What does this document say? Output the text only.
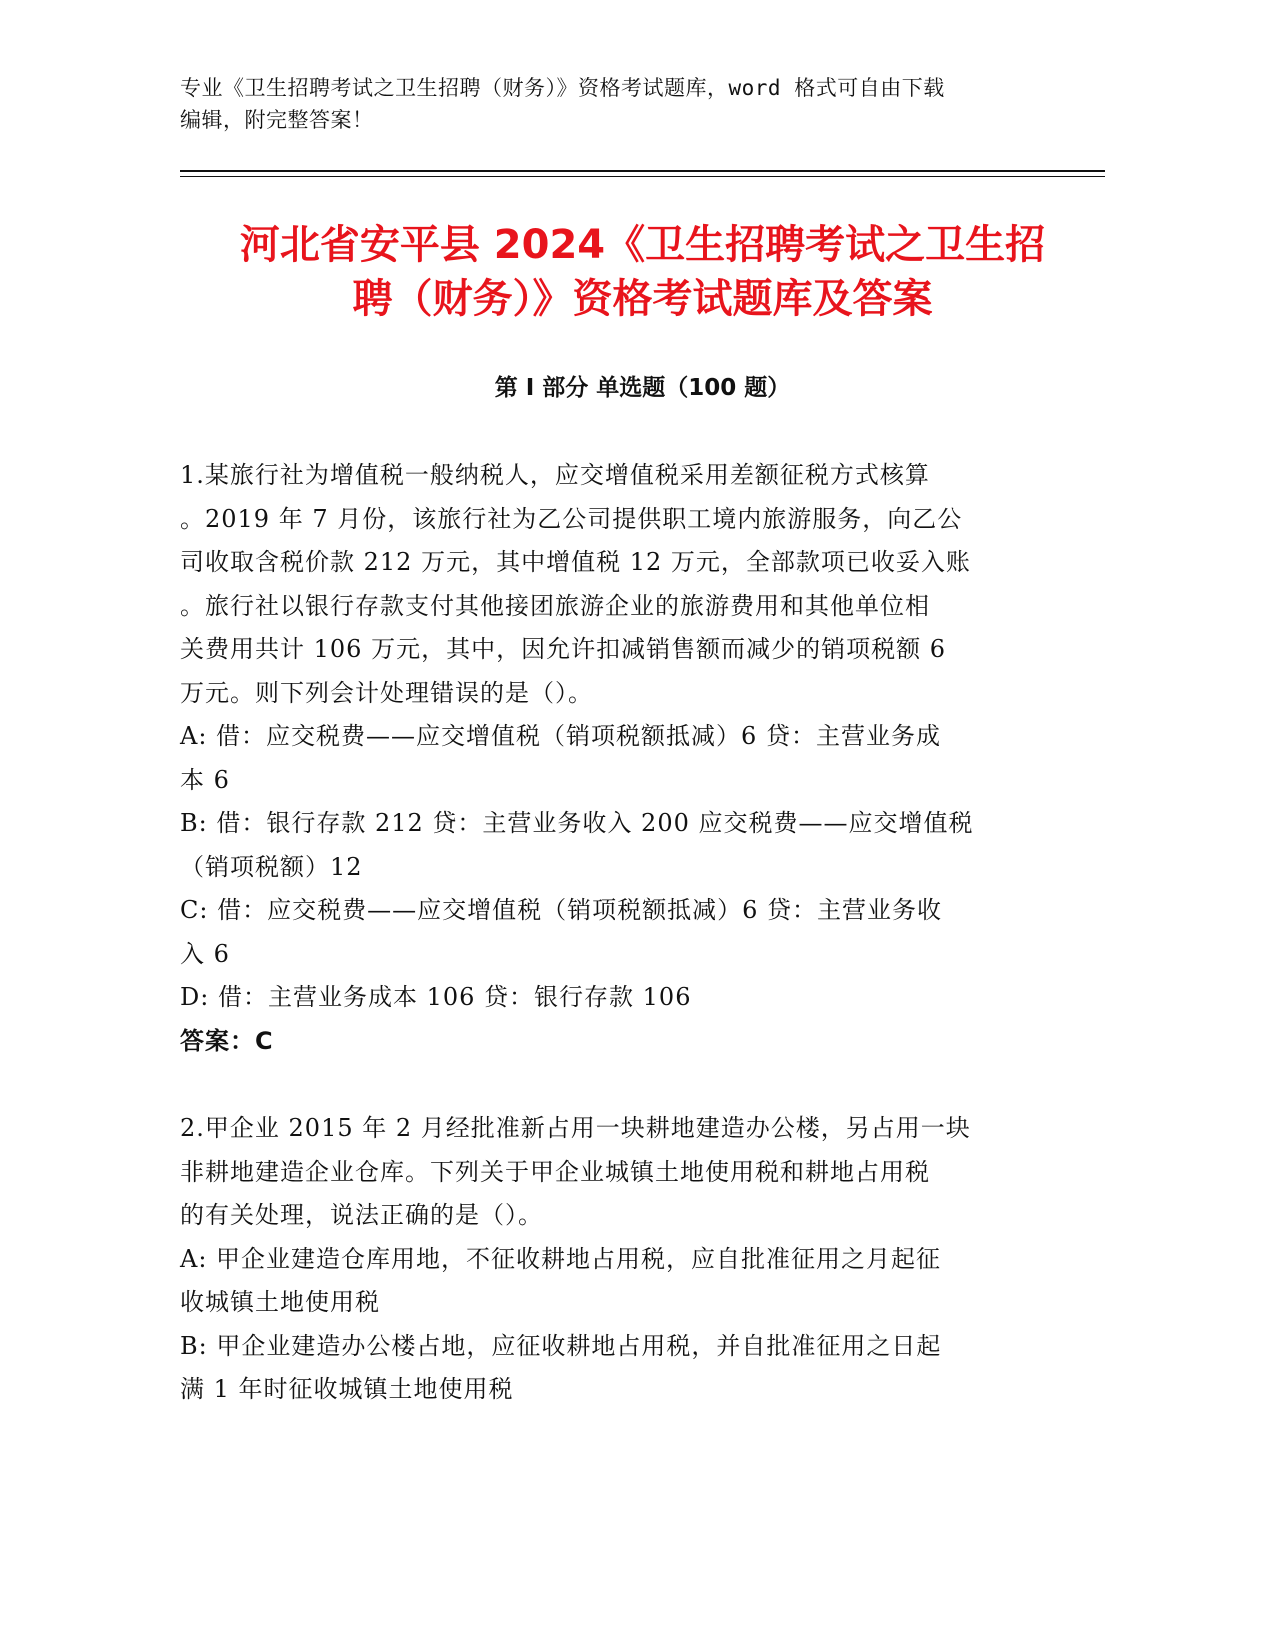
专业《卫生招聘考试之卫生招聘（财务）》资格考试题库，word 格式可自由下载
编辑，附完整答案！
河北省安平县 2024《卫生招聘考试之卫生招
聘（财务）》资格考试题库及答案
第 I 部分 单选题（100 题）

1.某旅行社为增值税一般纳税人，应交增值税采用差额征税方式核算

。2019 年 7 月份，该旅行社为乙公司提供职工境内旅游服务，向乙公

司收取含税价款 212 万元，其中增值税 12 万元，全部款项已收妥入账

。旅行社以银行存款支付其他接团旅游企业的旅游费用和其他单位相

关费用共计 106 万元，其中，因允许扣减销售额而减少的销项税额 6

万元。则下列会计处理错误的是（）。

A: 借：应交税费——应交增值税（销项税额抵减）6 贷：主营业务成

本 6

B: 借：银行存款 212 贷：主营业务收入 200 应交税费——应交增值税

（销项税额）12

C: 借：应交税费——应交增值税（销项税额抵减）6 贷：主营业务收

入 6

D: 借：主营业务成本 106 贷：银行存款 106

答案：C

2.甲企业 2015 年 2 月经批准新占用一块耕地建造办公楼，另占用一块

非耕地建造企业仓库。下列关于甲企业城镇土地使用税和耕地占用税

的有关处理，说法正确的是（）。

A: 甲企业建造仓库用地，不征收耕地占用税，应自批准征用之月起征

收城镇土地使用税

B: 甲企业建造办公楼占地，应征收耕地占用税，并自批准征用之日起

满 1 年时征收城镇土地使用税
